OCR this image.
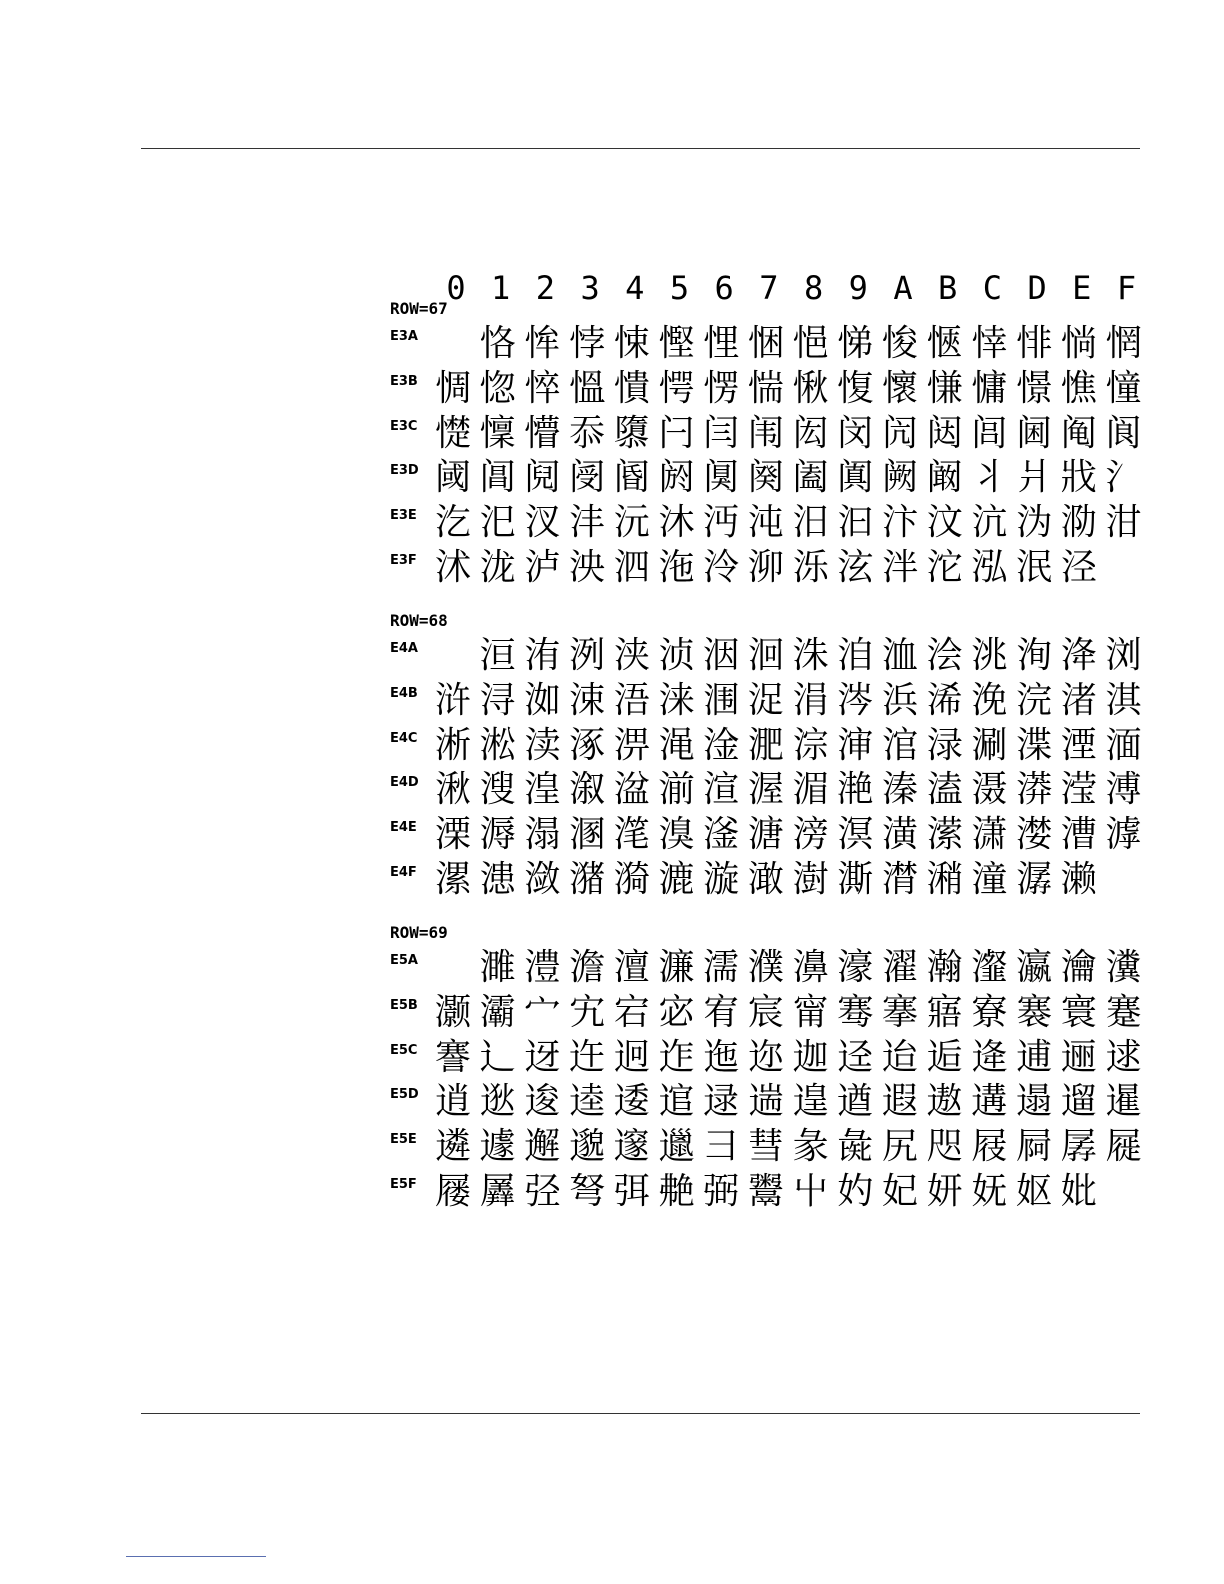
0 1 2 3 4 5 6 7 8 9 A B C D E F
ROW=67
E3A 恪 恈 悖 悚 慳 悝 悃 悒 悌 悛 愜 悻 悱 惝 惘
E3B 惆 惚 悴 慍 憒 愕 愣 惴 愀 愎 懷 慊 慵 憬 憔 憧
E3C 憷 懍 懵 忝 隳 闩 闫 闱 闳 闵 闶 闼 闾 阃 阄 阆
E3D 阈 阊 阋 阌 阍 阏 阒 阕 阖 阗 阙 阚 丬 爿 戕 氵
E3E 汔 汜 汊 沣 沅 沐 沔 沌 汨 汩 汴 汶 沆 沩 泐 泔
E3F 沭 泷 泸 泱 泗 沲 泠 泖 泺 泫 泮 沱 泓 泯 泾
ROW=68
E4A 洹 洧 洌 浃 浈 洇 洄 洙 洎 洫 浍 洮 洵 洚 浏
E4B 浒 浔 洳 涑 浯 涞 涠 浞 涓 涔 浜 浠 浼 浣 渚 淇
E4C 淅 淞 渎 涿 淠 渑 淦 淝 淙 渖 涫 渌 涮 渫 湮 湎
E4D 湫 溲 湟 溆 湓 湔 渲 渥 湄 滟 溱 溘 滠 漭 滢 溥
E4E 溧 溽 溻 溷 滗 溴 滏 溏 滂 溟 潢 潆 潇 漤 漕 滹
E4F 漯 漶 潋 潴 漪 漉 漩 澉 澍 澌 潸 潲 潼 潺 濑
ROW=69
E5A 濉 澧 澹 澶 濂 濡 濮 濞 濠 濯 瀚 瀣 瀛 瀹 瀵
E5B 灏 灞 宀 宄 宕 宓 宥 宸 甯 骞 搴 寤 寮 褰 寰 蹇
E5C 謇 辶 迓 迕 迥 迮 迤 迩 迦 迳 迨 逅 逄 逋 逦 逑
E5D 逍 逖 逡 逵 逶 逭 逯 遄 遑 遒 遐 遨 遘 遢 遛 暹
E5E 遴 遽 邂 邈 邃 邋 彐 彗 彖 彘 尻 咫 屐 屙 孱 屣
E5F 屦 羼 弪 弩 弭 艴 弼 鬻 屮 妁 妃 妍 妩 妪 妣
